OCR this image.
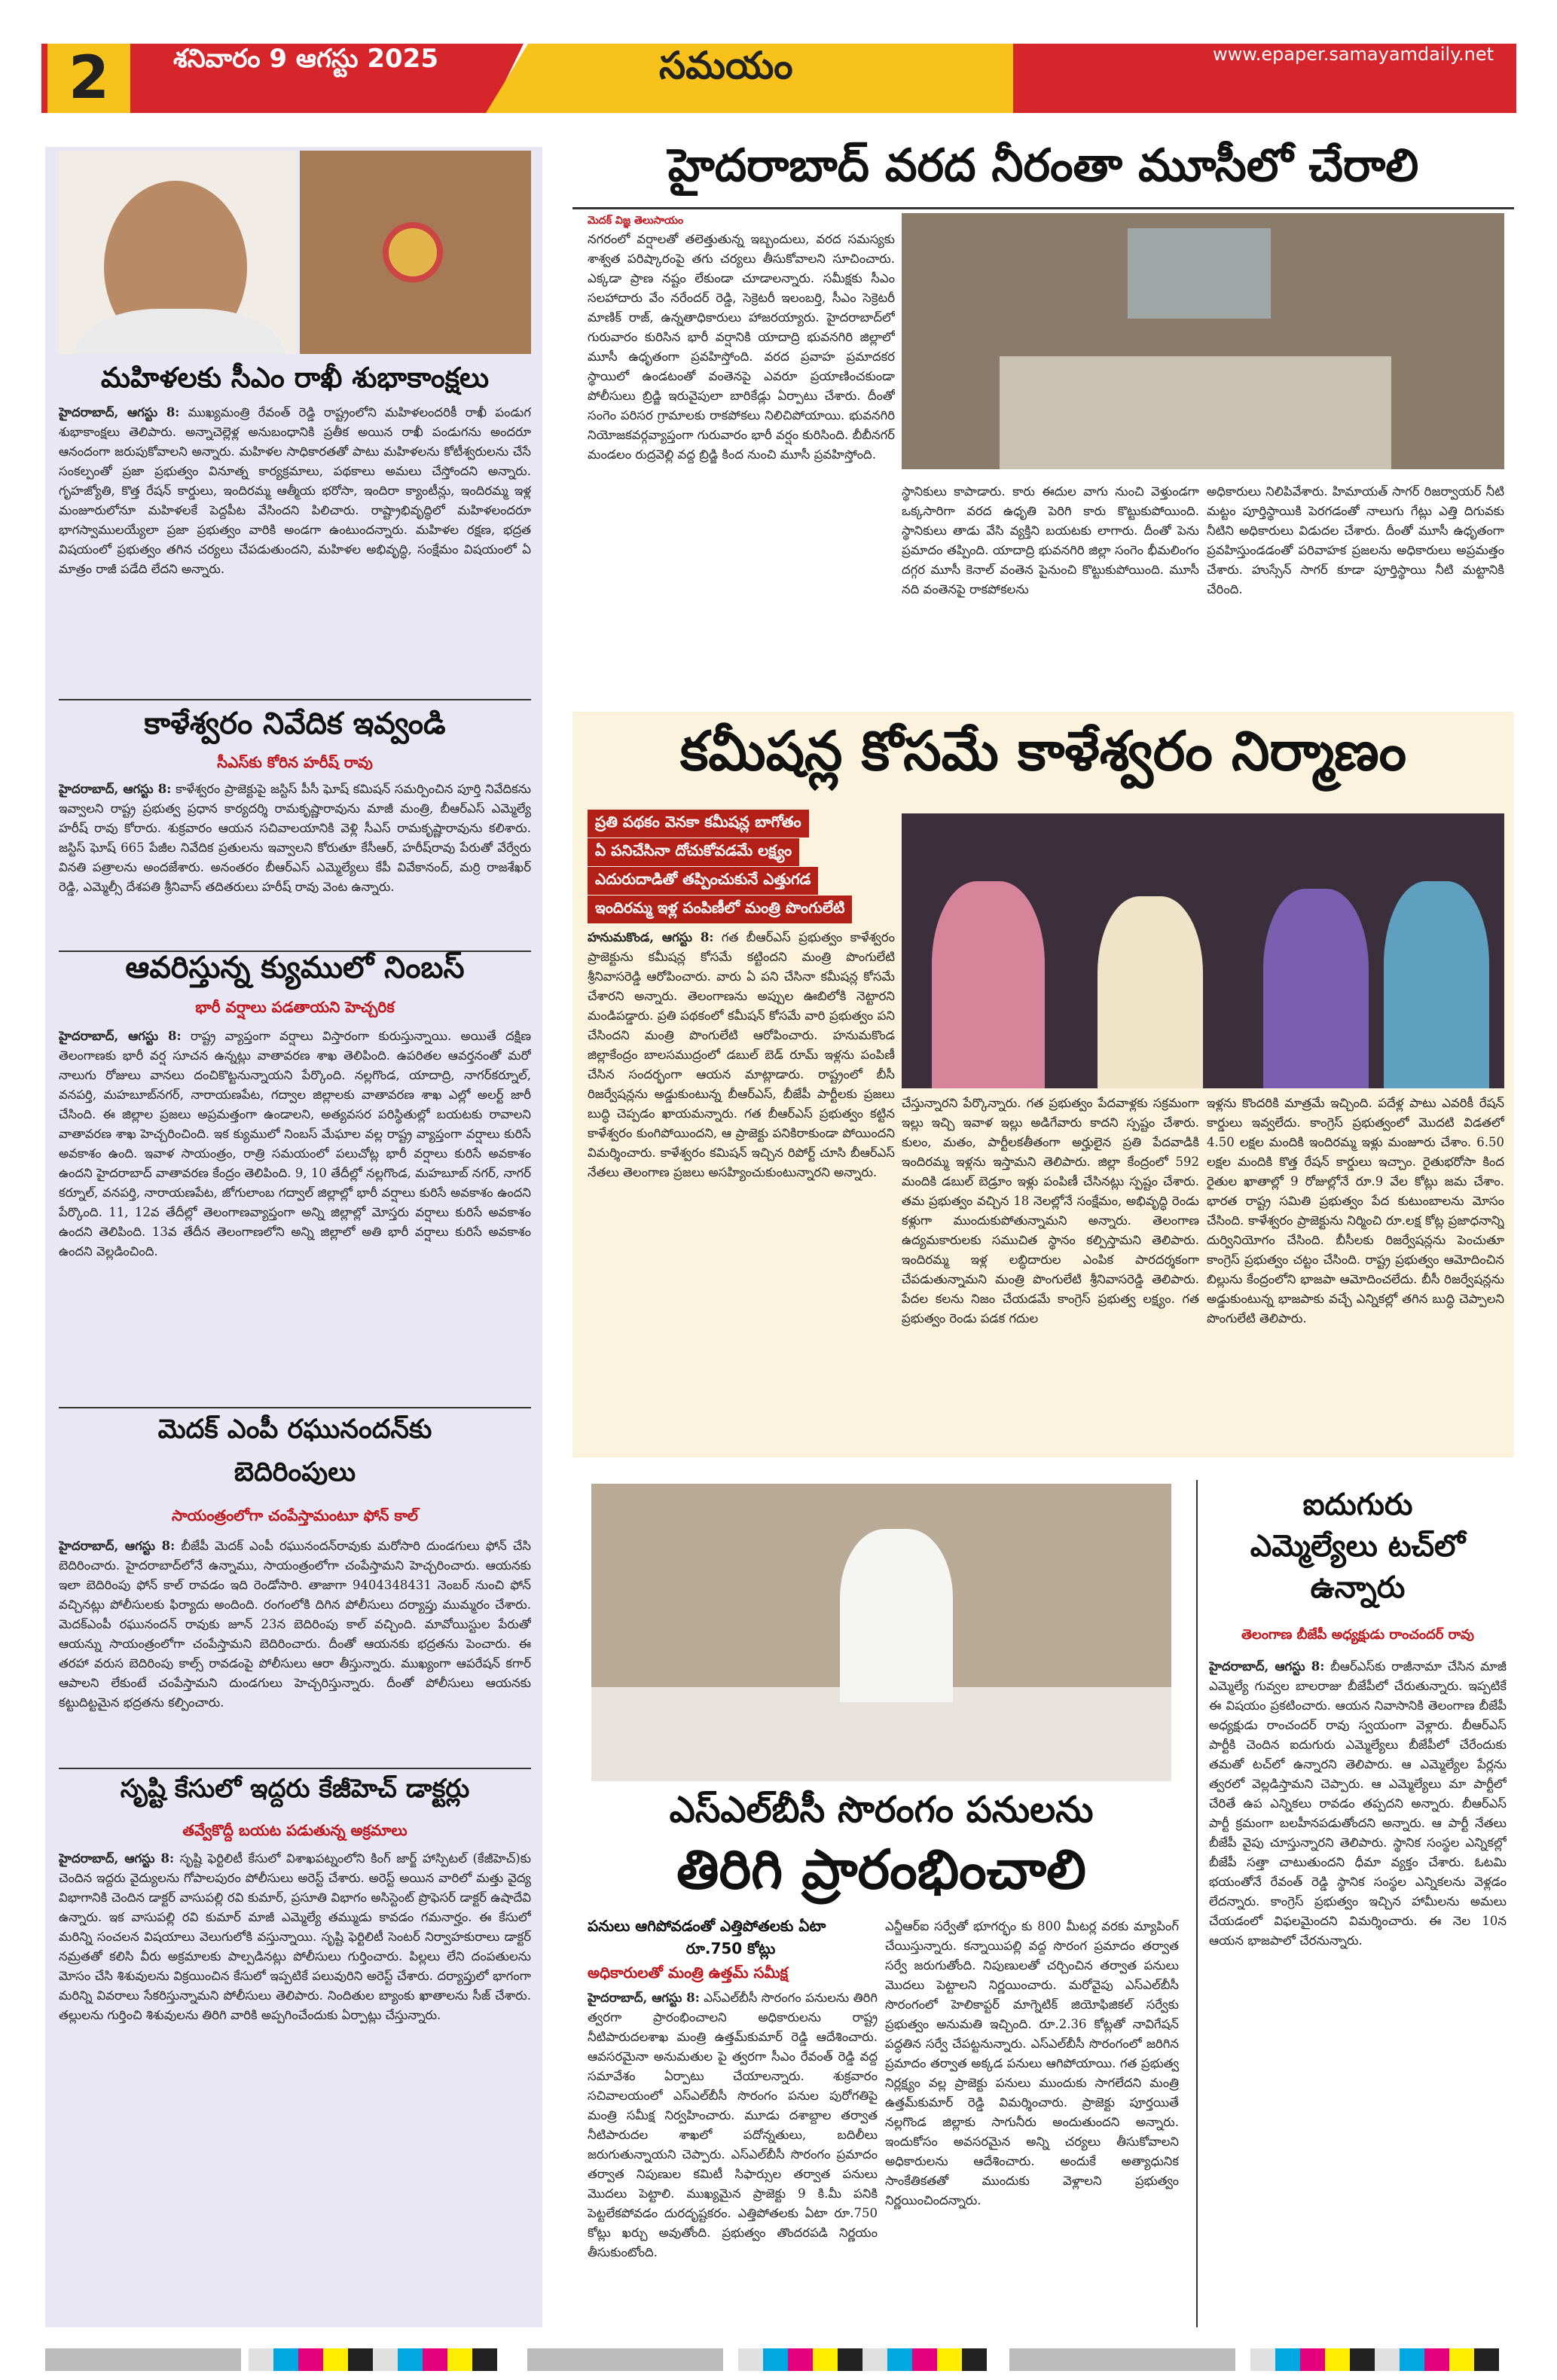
2	శనివారం 9 ఆగస్టు 2025	సమయం	www.epaper.samayamdaily.net
మహిళలకు సీఎం రాఖీ శుభాకాంక్షలు
హైదరాబాద్, ఆగస్టు 8: ముఖ్యమంత్రి రేవంత్ రెడ్డి రాష్ట్రంలోని మహిళలందరికీ రాఖీ పండుగ శుభాకాంక్షలు తెలిపారు. అన్నాచెల్లెళ్ల అనుబంధానికి ప్రతీక అయిన రాఖీ పండుగను అందరూ ఆనందంగా జరుపుకోవాలని అన్నారు. మహిళల సాధికారతతో పాటు మహిళలను కోటీశ్వరులను చేసే సంకల్పంతో ప్రజా ప్రభుత్వం వినూత్న కార్యక్రమాలు, పథకాలు అమలు చేస్తోందని అన్నారు. గృహజ్యోతి, కొత్త రేషన్ కార్డులు, ఇందిరమ్మ ఆత్మీయ భరోసా, ఇందిరా క్యాంటీన్లు, ఇందిరమ్మ ఇళ్ల మంజూరులోనూ మహిళలకే పెద్దపీట వేసిందని పిలిచారు. రాష్ట్రాభివృద్ధిలో మహిళలందరూ భాగస్వాములయ్యేలా ప్రజా ప్రభుత్వం వారికి అండగా ఉంటుందన్నారు. మహిళల రక్షణ, భద్రత విషయంలో ప్రభుత్వం తగిన చర్యలు చేపడుతుందని, మహిళల అభివృద్ధి, సంక్షేమం విషయంలో ఏ మాత్రం రాజీ పడేది లేదని అన్నారు.
కాళేశ్వరం నివేదిక ఇవ్వండి
సీఎస్‌కు కోరిన హరీష్ రావు
హైదరాబాద్, ఆగస్టు 8: కాళేశ్వరం ప్రాజెక్టుపై జస్టిస్ పీసీ ఘోష్ కమిషన్ సమర్పించిన పూర్తి నివేదికను ఇవ్వాలని రాష్ట్ర ప్రభుత్వ ప్రధాన కార్యదర్శి రామకృష్ణారావును మాజీ మంత్రి, బీఆర్‌ఎస్ ఎమ్మెల్యే హరీష్ రావు కోరారు. శుక్రవారం ఆయన సచివాలయానికి వెళ్లి సీఎస్ రామకృష్ణారావును కలిశారు. జస్టిస్ ఘోష్ 665 పేజీల నివేదిక ప్రతులను ఇవ్వాలని కోరుతూ కేసీఆర్, హరీష్‌రావు పేరుతో వేర్వేరు వినతి పత్రాలను అందజేశారు. అనంతరం బీఆర్‌ఎస్ ఎమ్మెల్యేలు కేపీ వివేకానంద్, మర్రి రాజశేఖర్ రెడ్డి, ఎమ్మెల్సీ దేశపతి శ్రీనివాస్ తదితరులు హరీష్ రావు వెంట ఉన్నారు.
ఆవరిస్తున్న క్యుములో నింబస్
భారీ వర్షాలు పడతాయని హెచ్చరిక
హైదరాబాద్, ఆగస్టు 8: రాష్ట్ర వ్యాప్తంగా వర్షాలు విస్తారంగా కురుస్తున్నాయి. అయితే దక్షిణ తెలంగాణకు భారీ వర్ష సూచన ఉన్నట్లు వాతావరణ శాఖ తెలిపింది. ఉపరితల ఆవర్తనంతో మరో నాలుగు రోజులు వానలు దంచికొట్టనున్నాయని పేర్కొంది. నల్లగొండ, యాదాద్రి, నాగర్‌కర్నూల్, వనపర్తి, మహబూబ్‌నగర్, నారాయణపేట, గద్వాల జిల్లాలకు వాతావరణ శాఖ ఎల్లో అలర్ట్ జారీ చేసింది. ఈ జిల్లాల ప్రజలు అప్రమత్తంగా ఉండాలని, అత్యవసర పరిస్థితుల్లో బయటకు రావాలని వాతావరణ శాఖ హెచ్చరించింది. ఇక క్యుములో నింబస్ మేఘాల వల్ల రాష్ట్ర వ్యాప్తంగా వర్షాలు కురిసే అవకాశం ఉంది. ఇవాళ సాయంత్రం, రాత్రి సమయంలో పలుచోట్ల భారీ వర్షాలు కురిసే అవకాశం ఉందని హైదరాబాద్ వాతావరణ కేంద్రం తెలిపింది. 9, 10 తేదీల్లో నల్లగొండ, మహబూబ్ నగర్, నాగర్ కర్నూల్, వనపర్తి, నారాయణపేట, జోగులాంబ గద్వాల్ జిల్లాల్లో భారీ వర్షాలు కురిసే అవకాశం ఉందని పేర్కొంది. 11, 12వ తేదీల్లో తెలంగాణవ్యాప్తంగా అన్ని జిల్లాల్లో మోస్తరు వర్షాలు కురిసే అవకాశం ఉందని తెలిపింది. 13వ తేదీన తెలంగాణలోని అన్ని జిల్లాలో అతి భారీ వర్షాలు కురిసే అవకాశం ఉందని వెల్లడించింది.
మెదక్ ఎంపీ రఘునందన్‌కు
బెదిరింపులు
సాయంత్రంలోగా చంపేస్తామంటూ ఫోన్ కాల్
హైదరాబాద్, ఆగస్టు 8: బీజేపీ మెదక్ ఎంపీ రఘునందన్‌రావుకు మరోసారి దుండగులు ఫోన్ చేసి బెదిరించారు. హైదరాబాద్‌లోనే ఉన్నాము, సాయంత్రంలోగా చంపేస్తామని హెచ్చరించారు. ఆయనకు ఇలా బెదిరింపు ఫోన్ కాల్ రావడం ఇది రెండోసారి. తాజాగా 9404348431 నెంబర్ నుంచి ఫోన్ వచ్చినట్లు పోలీసులకు ఫిర్యాదు అందింది. రంగంలోకి దిగిన పోలీసులు దర్యాప్తు ముమ్మరం చేశారు. మెదక్‌ఎంపీ రఘునందన్ రావుకు జూన్ 23న బెదిరింపు కాల్ వచ్చింది. మావోయిస్టుల పేరుతో ఆయన్ను సాయంత్రంలోగా చంపేస్తామని బెదిరించారు. దీంతో ఆయనకు భద్రతను పెంచారు. ఈ తరహా వరుస బెదిరింపు కాల్స్ రావడంపై పోలీసులు ఆరా తీస్తున్నారు. ముఖ్యంగా ఆపరేషన్ కగార్ ఆపాలని లేకుంటే చంపేస్తామని దుండగులు హెచ్చరిస్తున్నారు. దీంతో పోలీసులు ఆయనకు కట్టుదిట్టమైన భద్రతను కల్పించారు.
సృష్టి కేసులో ఇద్దరు కేజీహెచ్ డాక్టర్లు
తవ్వేకొద్దీ బయట పడుతున్న అక్రమాలు
హైదరాబాద్, ఆగస్టు 8: సృష్టి ఫెర్టిలిటీ కేసులో విశాఖపట్నంలోని కింగ్ జార్జ్ హాస్పిటల్ (కేజీహెచ్)కు చెందిన ఇద్దరు వైద్యులను గోపాలపురం పోలీసులు అరెస్ట్ చేశారు. అరెస్ట్ అయిన వారిలో మత్తు వైద్య విభాగానికి చెందిన డాక్టర్ వాసుపల్లి రవి కుమార్, ప్రసూతి విభాగం అసిస్టెంట్ ప్రొఫెసర్ డాక్టర్ ఉషాదేవి ఉన్నారు. ఇక వాసుపల్లి రవి కుమార్ మాజీ ఎమ్మెల్యే తమ్ముడు కావడం గమనార్హం. ఈ కేసులో మరిన్ని సంచలన విషయాలు వెలుగులోకి వస్తున్నాయి. సృష్టి ఫెర్టిలిటీ సెంటర్ నిర్వాహకురాలు డాక్టర్ నమ్రతతో కలిసి వీరు అక్రమాలకు పాల్పడినట్లు పోలీసులు గుర్తించారు. పిల్లలు లేని దంపతులను మోసం చేసి శిశువులను విక్రయించిన కేసులో ఇప్పటికే పలువురిని అరెస్ట్ చేశారు. దర్యాప్తులో భాగంగా మరిన్ని వివరాలు సేకరిస్తున్నామని పోలీసులు తెలిపారు. నిందితుల బ్యాంకు ఖాతాలను సీజ్ చేశారు. తల్లులను గుర్తించి శిశువులను తిరిగి వారికి అప్పగించేందుకు ఏర్పాట్లు చేస్తున్నారు.
హైదరాబాద్ వరద నీరంతా మూసీలో చేరాలి
మెదక్ విజ్ఞ తెలుసాయం
నగరంలో వర్షాలతో తలెత్తుతున్న ఇబ్బందులు, వరద సమస్యకు శాశ్వత పరిష్కారంపై తగు చర్యలు తీసుకోవాలని సూచించారు. ఎక్కడా ప్రాణ నష్టం లేకుండా చూడాలన్నారు. సమీక్షకు సీఎం సలహాదారు వేం నరేందర్ రెడ్డి, సెక్రెటరీ ఇలంబర్తి, సీఎం సెక్రెటరీ మాణిక్ రాజ్, ఉన్నతాధికారులు హాజరయ్యారు. హైదరాబాద్‌లో గురువారం కురిసిన భారీ వర్షానికి యాదాద్రి భువనగిరి జిల్లాలో మూసీ ఉధృతంగా ప్రవహిస్తోంది. వరద ప్రవాహ ప్రమాదకర స్థాయిలో ఉండటంతో వంతెనపై ఎవరూ ప్రయాణించకుండా పోలీసులు బ్రిడ్జి ఇరువైపులా బారికేడ్లు ఏర్పాటు చేశారు. దీంతో సంగెం పరిసర గ్రామాలకు రాకపోకలు నిలిచిపోయాయి. భువనగిరి నియోజకవర్గవ్యాప్తంగా గురువారం భారీ వర్షం కురిసింది. బీబీనగర్ మండలం రుద్రవెల్లి వద్ద బ్రిడ్జి కింద నుంచి మూసీ ప్రవహిస్తోంది.
స్థానికులు కాపాడారు. కారు ఈదుల వాగు నుంచి వెళ్తుండగా ఒక్కసారిగా వరద ఉధృతి పెరిగి కారు కొట్టుకుపోయింది. స్థానికులు తాడు వేసి వ్యక్తిని బయటకు లాగారు. దీంతో పెను ప్రమాదం తప్పింది. యాదాద్రి భువనగిరి జిల్లా సంగెం భీమలింగం దగ్గర మూసీ కెనాల్ వంతెన పైనుంచి కొట్టుకుపోయింది. మూసీ నది వంతెనపై రాకపోకలను
అధికారులు నిలిపివేశారు. హిమాయత్ సాగర్ రిజర్వాయర్ నీటి మట్టం పూర్తిస్థాయికి పెరగడంతో నాలుగు గేట్లు ఎత్తి దిగువకు నీటిని అధికారులు విడుదల చేశారు. దీంతో మూసీ ఉధృతంగా ప్రవహిస్తుండడంతో పరివాహక ప్రజలను అధికారులు అప్రమత్తం చేశారు. హుస్సేన్ సాగర్ కూడా పూర్తిస్థాయి నీటి మట్టానికి చేరింది.
కమీషన్ల కోసమే కాళేశ్వరం నిర్మాణం
ప్రతి పథకం వెనకా కమీషన్ల బాగోతం
ఏ పనిచేసినా దోచుకోవడమే లక్ష్యం
ఎదురుదాడితో తప్పించుకునే ఎత్తుగడ
ఇందిరమ్మ ఇళ్ల పంపిణీలో మంత్రి పొంగులేటి
హనుమకొండ, ఆగస్టు 8: గత బీఆర్‌ఎస్ ప్రభుత్వం కాళేశ్వరం ప్రాజెక్టును కమీషన్ల కోసమే కట్టిందని మంత్రి పొంగులేటి శ్రీనివాసరెడ్డి ఆరోపించారు. వారు ఏ పని చేసినా కమీషన్ల కోసమే చేశారని అన్నారు. తెలంగాణను అప్పుల ఊబిలోకి నెట్టారని మండిపడ్డారు. ప్రతి పథకంలో కమీషన్ కోసమే వారి ప్రభుత్వం పని చేసిందని మంత్రి పొంగులేటి ఆరోపించారు. హనుమకొండ జిల్లాకేంద్రం బాలసముద్రంలో డబుల్ బెడ్ రూమ్ ఇళ్లను పంపిణీ చేసిన సందర్భంగా ఆయన మాట్లాడారు. రాష్ట్రంలో బీసీ రిజర్వేషన్లను అడ్డుకుంటున్న బీఆర్‌ఎస్, బీజేపీ పార్టీలకు ప్రజలు బుద్ధి చెప్పడం ఖాయమన్నారు. గత బీఆర్‌ఎస్ ప్రభుత్వం కట్టిన కాళేశ్వరం కుంగిపోయిందని, ఆ ప్రాజెక్టు పనికిరాకుండా పోయిందని విమర్శించారు. కాళేశ్వరం కమిషన్ ఇచ్చిన రిపోర్ట్ చూసి బీఆర్‌ఎస్ నేతలు తెలంగాణ ప్రజలు అసహ్యించుకుంటున్నారని అన్నారు.
చేస్తున్నారని పేర్కొన్నారు. గత ప్రభుత్వం పేదవాళ్లకు సక్రమంగా ఇల్లు ఇచ్చి ఇవాళ ఇల్లు అడిగేవారు కాదని స్పష్టం చేశారు. కులం, మతం, పార్టీలకతీతంగా అర్హులైన ప్రతి పేదవాడికి ఇందిరమ్మ ఇళ్లను ఇస్తామని తెలిపారు. జిల్లా కేంద్రంలో 592 మందికి డబుల్ బెడ్రూం ఇళ్లు పంపిణీ చేసినట్లు స్పష్టం చేశారు. తమ ప్రభుత్వం వచ్చిన 18 నెలల్లోనే సంక్షేమం, అభివృద్ధి రెండు కళ్లుగా ముందుకుపోతున్నామని అన్నారు. తెలంగాణ ఉద్యమకారులకు సముచిత స్థానం కల్పిస్తామని తెలిపారు. ఇందిరమ్మ ఇళ్ల లబ్ధిదారుల ఎంపిక పారదర్శకంగా చేపడుతున్నామని మంత్రి పొంగులేటి శ్రీనివాసరెడ్డి తెలిపారు. పేదల కలను నిజం చేయడమే కాంగ్రెస్ ప్రభుత్వ లక్ష్యం. గత ప్రభుత్వం రెండు పడక గదుల
ఇళ్లను కొందరికి మాత్రమే ఇచ్చింది. పదేళ్ల పాటు ఎవరికీ రేషన్ కార్డులు ఇవ్వలేదు. కాంగ్రెస్ ప్రభుత్వంలో మొదటి విడతలో 4.50 లక్షల మందికి ఇందిరమ్మ ఇళ్లు మంజూరు చేశాం. 6.50 లక్షల మందికి కొత్త రేషన్ కార్డులు ఇచ్చాం. రైతుభరోసా కింద రైతుల ఖాతాల్లో 9 రోజుల్లోనే రూ.9 వేల కోట్లు జమ చేశాం. భారత రాష్ట్ర సమితి ప్రభుత్వం పేద కుటుంబాలను మోసం చేసింది. కాళేశ్వరం ప్రాజెక్టును నిర్మించి రూ.లక్ష కోట్ల ప్రజాధనాన్ని దుర్వినియోగం చేసింది. బీసీలకు రిజర్వేషన్లను పెంచుతూ కాంగ్రెస్ ప్రభుత్వం చట్టం చేసింది. రాష్ట్ర ప్రభుత్వం ఆమోదించిన బిల్లును కేంద్రంలోని భాజపా ఆమోదించలేదు. బీసీ రిజర్వేషన్లను అడ్డుకుంటున్న భాజపాకు వచ్చే ఎన్నికల్లో తగిన బుద్ధి చెప్పాలని పొంగులేటి తెలిపారు.
ఎస్‌ఎల్‌బీసీ సొరంగం పనులను
తిరిగి ప్రారంభించాలి
పనులు ఆగిపోవడంతో ఎత్తిపోతలకు ఏటా
రూ.750 కోట్లు
అధికారులతో మంత్రి ఉత్తమ్ సమీక్ష
హైదరాబాద్, ఆగస్టు 8: ఎస్‌ఎల్‌బీసీ సొరంగం పనులను తిరిగి త్వరగా ప్రారంభించాలని అధికారులను రాష్ట్ర నీటిపారుదలశాఖ మంత్రి ఉత్తమ్‌కుమార్ రెడ్డి ఆదేశించారు. ఆవసరమైనా అనుమతుల పై త్వరగా సీఎం రేవంత్ రెడ్డి వద్ద సమావేశం ఏర్పాటు చేయాలన్నారు. శుక్రవారం సచివాలయంలో ఎస్‌ఎల్‌బీసీ సొరంగం పనుల పురోగతిపై మంత్రి సమీక్ష నిర్వహించారు. మూడు దశాబ్దాల తర్వాత నీటిపారుదల శాఖలో పదోన్నతులు, బదిలీలు జరుగుతున్నాయని చెప్పారు. ఎస్‌ఎల్‌బీసీ సొరంగం ప్రమాదం తర్వాత నిపుణుల కమిటీ సిఫార్సుల తర్వాత పనులు మొదలు పెట్టాలి. ముఖ్యమైన ప్రాజెక్టు 9 కి.మీ పనికి పెట్టలేకపోవడం దురదృష్టకరం. ఎత్తిపోతలకు ఏటా రూ.750 కోట్లు ఖర్చు అవుతోంది. ప్రభుత్వం తొందరపడి నిర్ణయం తీసుకుంటోంది.
ఎన్జీఆర్‌ఐ సర్వేతో భూగర్భం కు 800 మీటర్ల వరకు మ్యాపింగ్ చేయిస్తున్నారు. కన్నాయిపల్లి వద్ద సొరంగ ప్రమాదం తర్వాత సర్వే జరుగుతోంది. నిపుణులతో చర్చించిన తర్వాత పనులు మొదలు పెట్టాలని నిర్ణయించారు. మరోవైపు ఎస్‌ఎల్‌బీసీ సొరంగంలో హెలికాప్టర్ మాగ్నెటిక్ జియోఫిజికల్ సర్వేకు ప్రభుత్వం అనుమతి ఇచ్చింది. రూ.2.36 కోట్లతో నావిగేషన్ పద్ధతిన సర్వే చేపట్టనున్నారు. ఎస్‌ఎల్‌బీసీ సొరంగంలో జరిగిన ప్రమాదం తర్వాత అక్కడ పనులు ఆగిపోయాయి. గత ప్రభుత్వ నిర్లక్ష్యం వల్ల ప్రాజెక్టు పనులు ముందుకు సాగలేదని మంత్రి ఉత్తమ్‌కుమార్ రెడ్డి విమర్శించారు. ప్రాజెక్టు పూర్తయితే నల్లగొండ జిల్లాకు సాగునీరు అందుతుందని అన్నారు. ఇందుకోసం అవసరమైన అన్ని చర్యలు తీసుకోవాలని అధికారులను ఆదేశించారు. అందుకే అత్యాధునిక సాంకేతికతతో ముందుకు వెళ్లాలని ప్రభుత్వం నిర్ణయించిందన్నారు.
ఐదుగురు
ఎమ్మెల్యేలు టచ్‌లో
ఉన్నారు
తెలంగాణ బీజేపీ అధ్యక్షుడు రాంచందర్ రావు
హైదరాబాద్, ఆగస్టు 8: బీఆర్‌ఎస్‌కు రాజీనామా చేసిన మాజీ ఎమ్మెల్యే గువ్వల బాలరాజు బీజేపీలో చేరుతున్నారు. ఇప్పటికే ఈ విషయం ప్రకటించారు. ఆయన నివాసానికి తెలంగాణ బీజేపీ అధ్యక్షుడు రాంచందర్ రావు స్వయంగా వెళ్లారు. బీఆర్‌ఎస్ పార్టీకి చెందిన ఐదుగురు ఎమ్మెల్యేలు బీజేపీలో చేరేందుకు తమతో టచ్‌లో ఉన్నారని తెలిపారు. ఆ ఎమ్మెల్యేల పేర్లను త్వరలో వెల్లడిస్తామని చెప్పారు. ఆ ఎమ్మెల్యేలు మా పార్టీలో చేరితే ఉప ఎన్నికలు రావడం తప్పదని అన్నారు. బీఆర్‌ఎస్ పార్టీ క్రమంగా బలహీనపడుతోందని అన్నారు. ఆ పార్టీ నేతలు బీజేపీ వైపు చూస్తున్నారని తెలిపారు. స్థానిక సంస్థల ఎన్నికల్లో బీజేపీ సత్తా చాటుతుందని ధీమా వ్యక్తం చేశారు. ఓటమి భయంతోనే రేవంత్ రెడ్డి స్థానిక సంస్థల ఎన్నికలను వెళ్లడం లేదన్నారు. కాంగ్రెస్ ప్రభుత్వం ఇచ్చిన హామీలను అమలు చేయడంలో విఫలమైందని విమర్శించారు. ఈ నెల 10న ఆయన భాజపాలో చేరనున్నారు.
